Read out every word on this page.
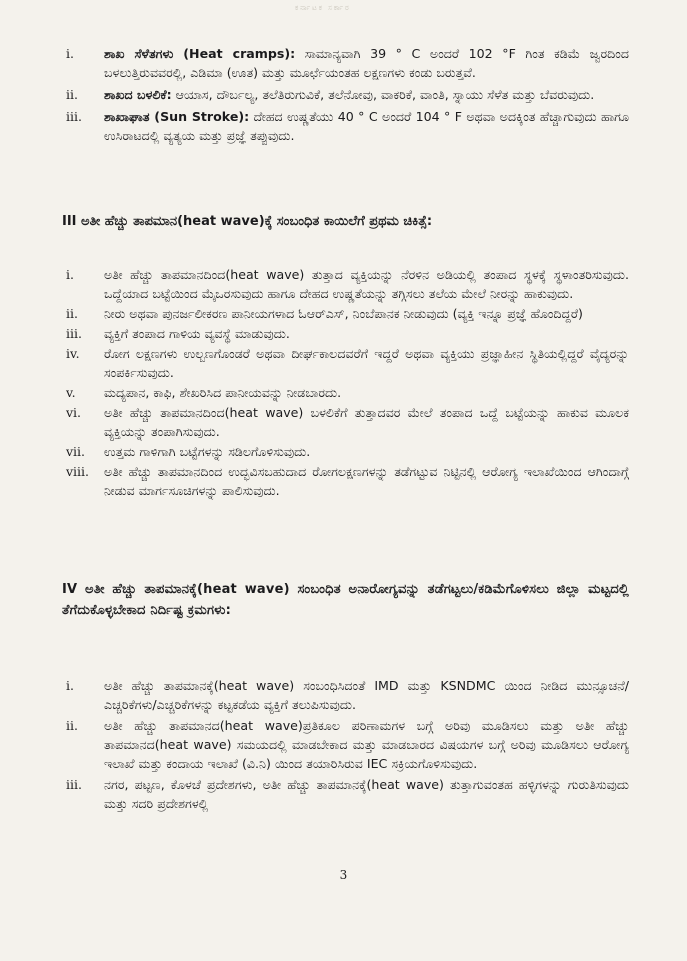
ಕರ್ನಾಟಕ ಸರ್ಕಾರ
i.	ಶಾಖ ಸೆಳೆತಗಳು (Heat cramps): ಸಾಮಾನ್ಯವಾಗಿ 39 ° C ಅಂದರೆ 102 °F ಗಿಂತ ಕಡಿಮೆ ಜ್ವರದಿಂದ ಬಳಲುತ್ತಿರುವವರಲ್ಲಿ, ಎಡಿಮಾ (ಊತ) ಮತ್ತು ಮೂರ್ಛೆಯಂತಹ ಲಕ್ಷಣಗಳು ಕಂಡು ಬರುತ್ತವೆ.
ii.	ಶಾಖದ ಬಳಲಿಕೆ: ಆಯಾಸ, ದೌರ್ಬಲ್ಯ, ತಲೆತಿರುಗುವಿಕೆ, ತಲೆನೋವು, ವಾಕರಿಕೆ, ವಾಂತಿ, ಸ್ನಾಯು ಸೆಳೆತ ಮತ್ತು ಬೆವರುವುದು.
iii.	ಶಾಖಾಘಾತ (Sun Stroke): ದೇಹದ ಉಷ್ಣತೆಯು 40 ° C ಅಂದರೆ 104 ° F ಅಥವಾ ಅದಕ್ಕಿಂತ ಹೆಚ್ಚಾಗುವುದು ಹಾಗೂ ಉಸಿರಾಟದಲ್ಲಿ ವ್ಯತ್ಯಯ ಮತ್ತು ಪ್ರಜ್ಞೆ ತಪ್ಪುವುದು.
III ಅತೀ ಹೆಚ್ಚು ತಾಪಮಾನ(heat wave)ಕ್ಕೆ ಸಂಬಂಧಿತ ಕಾಯಿಲೆಗೆ ಪ್ರಥಮ ಚಿಕಿತ್ಸೆ:
i.	ಅತೀ ಹೆಚ್ಚು ತಾಪಮಾನದಿಂದ(heat wave) ತುತ್ತಾದ ವ್ಯಕ್ತಿಯನ್ನು ನೆರಳಿನ ಅಡಿಯಲ್ಲಿ ತಂಪಾದ ಸ್ಥಳಕ್ಕೆ ಸ್ಥಳಾಂತರಿಸುವುದು. ಒದ್ದೆಯಾದ ಬಟ್ಟೆಯಿಂದ ಮೈಒರಸುವುದು ಹಾಗೂ ದೇಹದ ಉಷ್ಣತೆಯನ್ನು ತಗ್ಗಿಸಲು ತಲೆಯ ಮೇಲೆ ನೀರನ್ನು ಹಾಕುವುದು.
ii.	ನೀರು ಅಥವಾ ಪುನರ್ಜಲೀಕರಣ ಪಾನೀಯಗಳಾದ ಓಆರ್‌ಎಸ್, ನಿಂಬೆಪಾನಕ ನೀಡುವುದು (ವ್ಯಕ್ತಿ ಇನ್ನೂ ಪ್ರಜ್ಞೆ ಹೊಂದಿದ್ದರೆ)
iii.	ವ್ಯಕ್ತಿಗೆ ತಂಪಾದ ಗಾಳಿಯ ವ್ಯವಸ್ಥೆ ಮಾಡುವುದು.
iv.	ರೋಗ ಲಕ್ಷಣಗಳು ಉಲ್ಬಣಗೊಂಡರೆ ಅಥವಾ ದೀರ್ಘಕಾಲದವರೆಗೆ ಇದ್ದರೆ ಅಥವಾ ವ್ಯಕ್ತಿಯು ಪ್ರಜ್ಞಾಹೀನ ಸ್ಥಿತಿಯಲ್ಲಿದ್ದರೆ ವೈದ್ಯರನ್ನು ಸಂಪರ್ಕಿಸುವುದು.
v.	ಮದ್ಯಪಾನ, ಕಾಫಿ, ಶೇಖರಿಸಿದ ಪಾನೀಯವನ್ನು ನೀಡಬಾರದು.
vi.	ಅತೀ ಹೆಚ್ಚು ತಾಪಮಾನದಿಂದ(heat wave) ಬಳಲಿಕೆಗೆ ತುತ್ತಾದವರ ಮೇಲೆ ತಂಪಾದ ಒದ್ದೆ ಬಟ್ಟೆಯನ್ನು ಹಾಕುವ ಮೂಲಕ ವ್ಯಕ್ತಿಯನ್ನು ತಂಪಾಗಿಸುವುದು.
vii.	ಉತ್ತಮ ಗಾಳಿಗಾಗಿ ಬಟ್ಟೆಗಳನ್ನು ಸಡಿಲಗೊಳಿಸುವುದು.
viii.	ಅತೀ ಹೆಚ್ಚು ತಾಪಮಾನದಿಂದ ಉದ್ಭವಿಸಬಹುದಾದ ರೋಗಲಕ್ಷಣಗಳನ್ನು ತಡೆಗಟ್ಟುವ ನಿಟ್ಟಿನಲ್ಲಿ ಆರೋಗ್ಯ ಇಲಾಖೆಯಿಂದ ಆಗಿಂದಾಗ್ಗೆ ನೀಡುವ ಮಾರ್ಗಸೂಚಿಗಳನ್ನು ಪಾಲಿಸುವುದು.
IV ಅತೀ ಹೆಚ್ಚು ತಾಪಮಾನಕ್ಕೆ(heat wave) ಸಂಬಂಧಿತ ಅನಾರೋಗ್ಯವನ್ನು ತಡೆಗಟ್ಟಲು/ಕಡಿಮೆಗೊಳಿಸಲು ಜಿಲ್ಲಾ ಮಟ್ಟದಲ್ಲಿ ತೆಗೆದುಕೊಳ್ಳಬೇಕಾದ ನಿರ್ದಿಷ್ಟ ಕ್ರಮಗಳು:
i.	ಅತೀ ಹೆಚ್ಚು ತಾಪಮಾನಕ್ಕೆ(heat wave) ಸಂಬಂಧಿಸಿದಂತೆ IMD ಮತ್ತು KSNDMC ಯಿಂದ ನೀಡಿದ ಮುನ್ಸೂಚನೆ/ ಎಚ್ಚರಿಕೆಗಳು/ಎಚ್ಚರಿಕೆಗಳನ್ನು ಕಟ್ಟಕಡೆಯ ವ್ಯಕ್ತಿಗೆ ತಲುಪಿಸುವುದು.
ii.	ಅತೀ ಹೆಚ್ಚು ತಾಪಮಾನದ(heat wave)ಪ್ರತಿಕೂಲ ಪರಿಣಾಮಗಳ ಬಗ್ಗೆ ಅರಿವು ಮೂಡಿಸಲು ಮತ್ತು ಅತೀ ಹೆಚ್ಚು ತಾಪಮಾನದ(heat wave) ಸಮಯದಲ್ಲಿ ಮಾಡಬೇಕಾದ ಮತ್ತು ಮಾಡಬಾರದ ವಿಷಯಗಳ ಬಗ್ಗೆ ಅರಿವು ಮೂಡಿಸಲು ಆರೋಗ್ಯ ಇಲಾಖೆ ಮತ್ತು ಕಂದಾಯ ಇಲಾಖೆ (ವಿ.ನಿ) ಯಿಂದ ತಯಾರಿಸಿರುವ IEC ಸಕ್ರಿಯಗೊಳಿಸುವುದು.
iii.	ನಗರ, ಪಟ್ಟಣ, ಕೊಳಚೆ ಪ್ರದೇಶಗಳು, ಅತೀ ಹೆಚ್ಚು ತಾಪಮಾನಕ್ಕೆ(heat wave) ತುತ್ತಾಗುವಂತಹ ಹಳ್ಳಿಗಳನ್ನು ಗುರುತಿಸುವುದು ಮತ್ತು ಸದರಿ ಪ್ರದೇಶಗಳಲ್ಲಿ
3
